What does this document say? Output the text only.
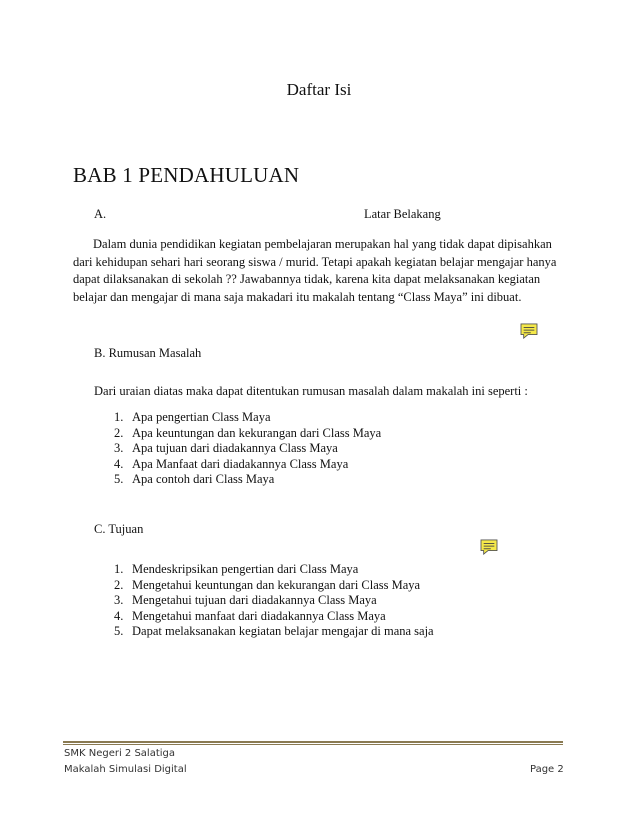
Daftar Isi
BAB 1 PENDAHULUAN
A.	Latar Belakang
Dalam dunia pendidikan kegiatan pembelajaran merupakan hal yang tidak dapat dipisahkan
dari kehidupan sehari hari seorang siswa / murid. Tetapi apakah kegiatan belajar mengajar hanya
dapat dilaksanakan di sekolah ?? Jawabannya tidak, karena kita dapat melaksanakan kegiatan
belajar dan mengajar di mana saja makadari itu makalah tentang “Class Maya” ini dibuat.
B. Rumusan Masalah
Dari uraian diatas maka dapat ditentukan rumusan masalah dalam makalah ini seperti :
1. Apa pengertian Class Maya
2. Apa keuntungan dan kekurangan dari Class Maya
3. Apa tujuan dari diadakannya Class Maya
4. Apa Manfaat dari diadakannya Class Maya
5. Apa contoh dari Class Maya
C. Tujuan
1. Mendeskripsikan pengertian dari Class Maya
2. Mengetahui keuntungan dan kekurangan dari Class Maya
3. Mengetahui tujuan dari diadakannya Class Maya
4. Mengetahui manfaat dari diadakannya Class Maya
5. Dapat melaksanakan kegiatan belajar mengajar di mana saja
SMK Negeri 2 Salatiga
Makalah Simulasi Digital	Page 2
